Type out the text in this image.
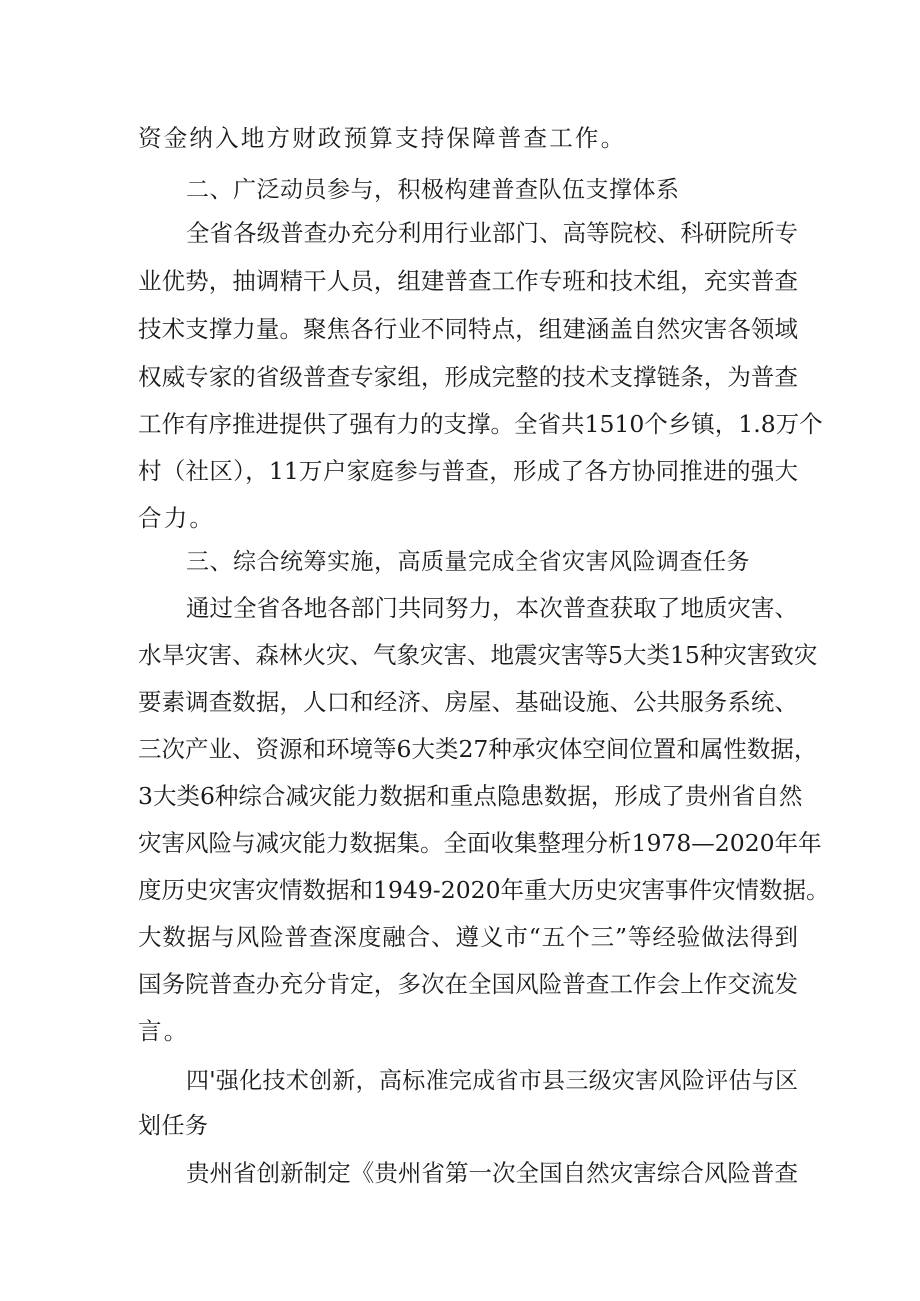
资金纳入地方财政预算支持保障普查工作。
二、广泛动员参与，积极构建普查队伍支撑体系
全省各级普查办充分利用行业部门、高等院校、科研院所专
业优势，抽调精干人员，组建普查工作专班和技术组，充实普查
技术支撑力量。聚焦各行业不同特点，组建涵盖自然灾害各领域
权威专家的省级普查专家组，形成完整的技术支撑链条，为普查
工作有序推进提供了强有力的支撑。全省共1510个乡镇，1.8万个
村（社区），11万户家庭参与普查，形成了各方协同推进的强大
合力。
三、综合统筹实施，高质量完成全省灾害风险调查任务
通过全省各地各部门共同努力，本次普查获取了地质灾害、
水旱灾害、森林火灾、气象灾害、地震灾害等5大类15种灾害致灾
要素调查数据，人口和经济、房屋、基础设施、公共服务系统、
三次产业、资源和环境等6大类27种承灾体空间位置和属性数据，
3大类6种综合减灾能力数据和重点隐患数据，形成了贵州省自然
灾害风险与减灾能力数据集。全面收集整理分析1978—2020年年
度历史灾害灾情数据和1949-2020年重大历史灾害事件灾情数据。
大数据与风险普查深度融合、遵义市“五个三”等经验做法得到
国务院普查办充分肯定，多次在全国风险普查工作会上作交流发
言。
四'强化技术创新，高标准完成省市县三级灾害风险评估与区
划任务
贵州省创新制定《贵州省第一次全国自然灾害综合风险普查
